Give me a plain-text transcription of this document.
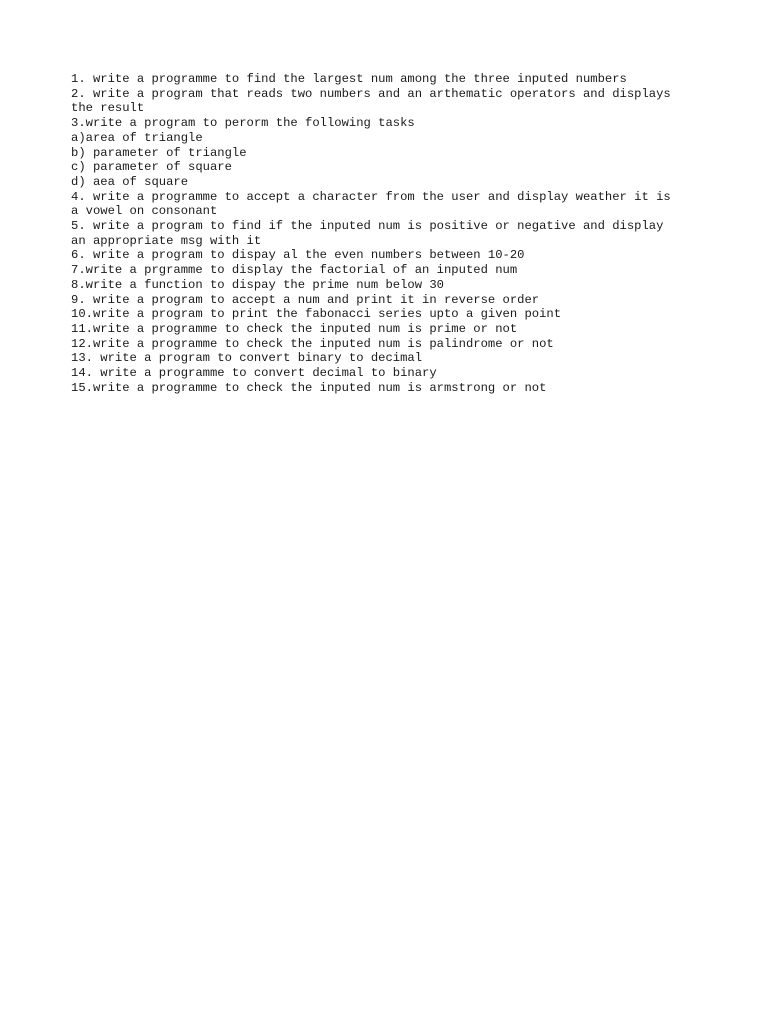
1. write a programme to find the largest num among the three inputed numbers

2. write a program that reads two numbers and an arthematic operators and displays

the result

3.write a program to perorm the following tasks

a)area of triangle

b) parameter of triangle

c) parameter of square

d) aea of square

4. write a programme to accept a character from the user and display weather it is

a vowel on consonant

5. write a program to find if the inputed num is positive or negative and display

an appropriate msg with it

6. write a program to dispay al the even numbers between 10-20

7.write a prgramme to display the factorial of an inputed num

8.write a function to dispay the prime num below 30

9. write a program to accept a num and print it in reverse order

10.write a program to print the fabonacci series upto a given point

11.write a programme to check the inputed num is prime or not

12.write a programme to check the inputed num is palindrome or not

13. write a program to convert binary to decimal

14. write a programme to convert decimal to binary

15.write a programme to check the inputed num is armstrong or not
